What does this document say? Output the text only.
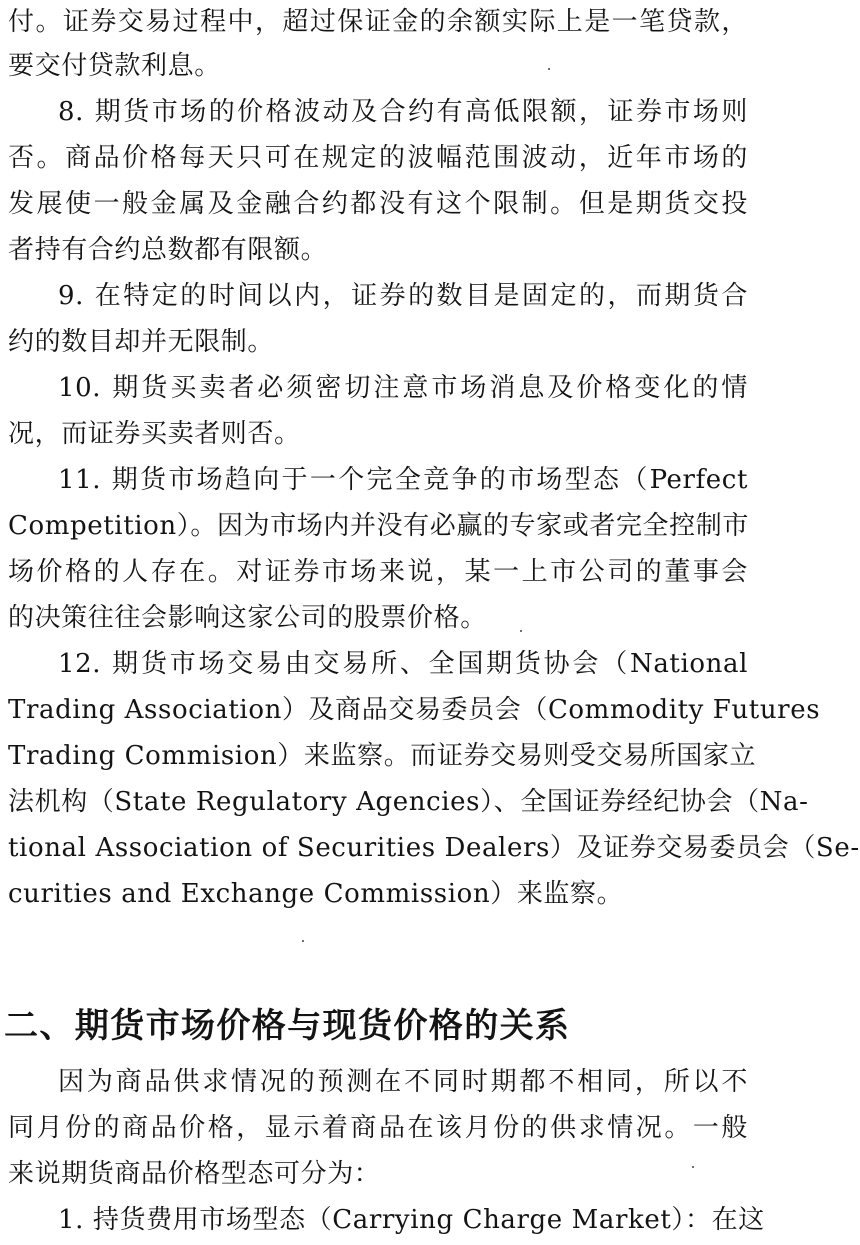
付。证券交易过程中，超过保证金的余额实际上是一笔贷款，
要交付贷款利息。
8. 期货市场的价格波动及合约有高低限额，证券市场则
否。商品价格每天只可在规定的波幅范围波动，近年市场的
发展使一般金属及金融合约都没有这个限制。但是期货交投
者持有合约总数都有限额。
9. 在特定的时间以内，证券的数目是固定的，而期货合
约的数目却并无限制。
10. 期货买卖者必须密切注意市场消息及价格变化的情
况，而证券买卖者则否。
11. 期货市场趋向于一个完全竞争的市场型态（Perfect
Competition）。因为市场内并没有必赢的专家或者完全控制市
场价格的人存在。对证券市场来说，某一上市公司的董事会
的决策往往会影响这家公司的股票价格。
12. 期货市场交易由交易所、全国期货协会（National
Trading Association）及商品交易委员会（Commodity Futures
Trading Commision）来监察。而证券交易则受交易所国家立
法机构（State Regulatory Agencies）、全国证券经纪协会（Na-
tional Association of Securities Dealers）及证券交易委员会（Se-
curities and Exchange Commission）来监察。
二、期货市场价格与现货价格的关系
因为商品供求情况的预测在不同时期都不相同，所以不
同月份的商品价格，显示着商品在该月份的供求情况。一般
来说期货商品价格型态可分为：
1. 持货费用市场型态（Carrying Charge Market）：在这
